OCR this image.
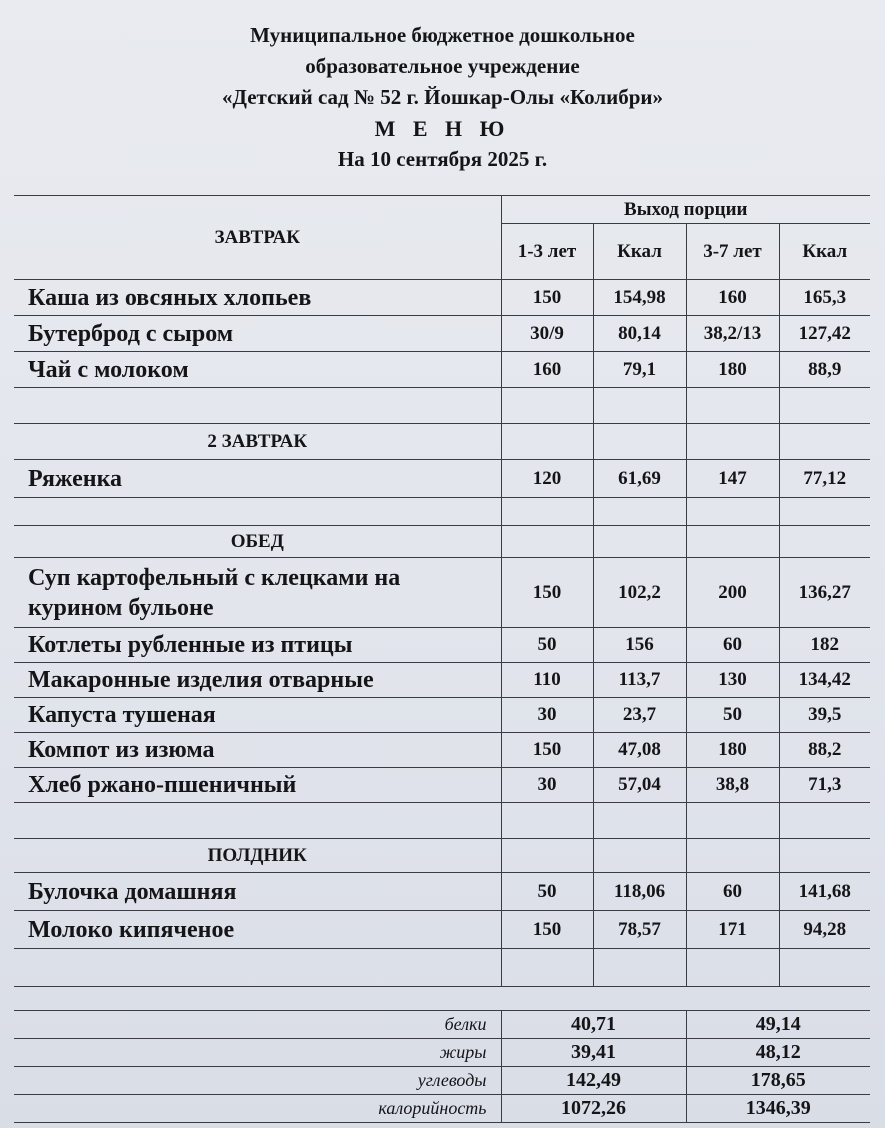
Муниципальное бюджетное дошкольное
образовательное учреждение
«Детский сад № 52 г. Йошкар-Олы «Колибри»
М Е Н Ю
На 10 сентября 2025 г.
ЗАВТРАК	Выход порции			
	1-3 лет	Ккал	3-7 лет	Ккал
Каша из овсяных хлопьев	150	154,98	160	165,3
Бутерброд с сыром	30/9	80,14	38,2/13	127,42
Чай с молоком	160	79,1	180	88,9

2 ЗАВТРАК				
Ряженка	120	61,69	147	77,12

ОБЕД				
Суп картофельный с клецками на курином бульоне	150	102,2	200	136,27
Котлеты рубленные из птицы	50	156	60	182
Макаронные изделия отварные	110	113,7	130	134,42
Капуста тушеная	30	23,7	50	39,5
Компот из изюма	150	47,08	180	88,2
Хлеб ржано-пшеничный	30	57,04	38,8	71,3

ПОЛДНИК				
Булочка домашняя	50	118,06	60	141,68
Молоко кипяченое	150	78,57	171	94,28

белки	40,71		49,14	
жиры	39,41		48,12	
углеводы	142,49		178,65	
калорийность	1072,26		1346,39	
